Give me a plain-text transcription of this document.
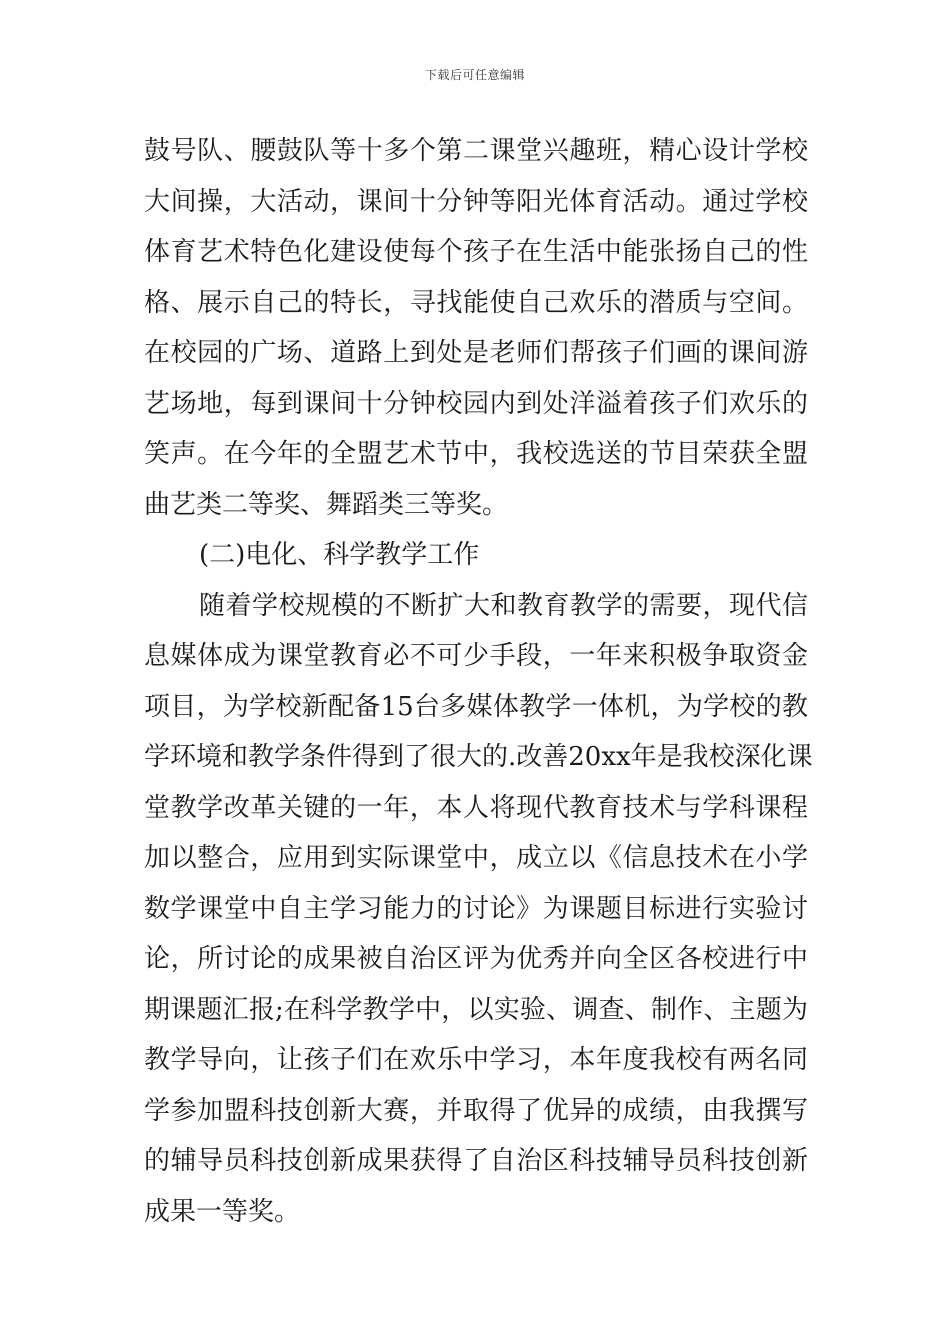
下载后可任意编辑
鼓号队、腰鼓队等十多个第二课堂兴趣班，精心设计学校
大间操，大活动，课间十分钟等阳光体育活动。通过学校
体育艺术特色化建设使每个孩子在生活中能张扬自己的性
格、展示自己的特长，寻找能使自己欢乐的潜质与空间。
在校园的广场、道路上到处是老师们帮孩子们画的课间游
艺场地，每到课间十分钟校园内到处洋溢着孩子们欢乐的
笑声。在今年的全盟艺术节中，我校选送的节目荣获全盟
曲艺类二等奖、舞蹈类三等奖。
(二)电化、科学教学工作
随着学校规模的不断扩大和教育教学的需要，现代信
息媒体成为课堂教育必不可少手段，一年来积极争取资金
项目，为学校新配备15台多媒体教学一体机，为学校的教
学环境和教学条件得到了很大的.改善20xx年是我校深化课
堂教学改革关键的一年，本人将现代教育技术与学科课程
加以整合，应用到实际课堂中，成立以《信息技术在小学
数学课堂中自主学习能力的讨论》为课题目标进行实验讨
论，所讨论的成果被自治区评为优秀并向全区各校进行中
期课题汇报;在科学教学中，以实验、调查、制作、主题为
教学导向，让孩子们在欢乐中学习，本年度我校有两名同
学参加盟科技创新大赛，并取得了优异的成绩，由我撰写
的辅导员科技创新成果获得了自治区科技辅导员科技创新
成果一等奖。
